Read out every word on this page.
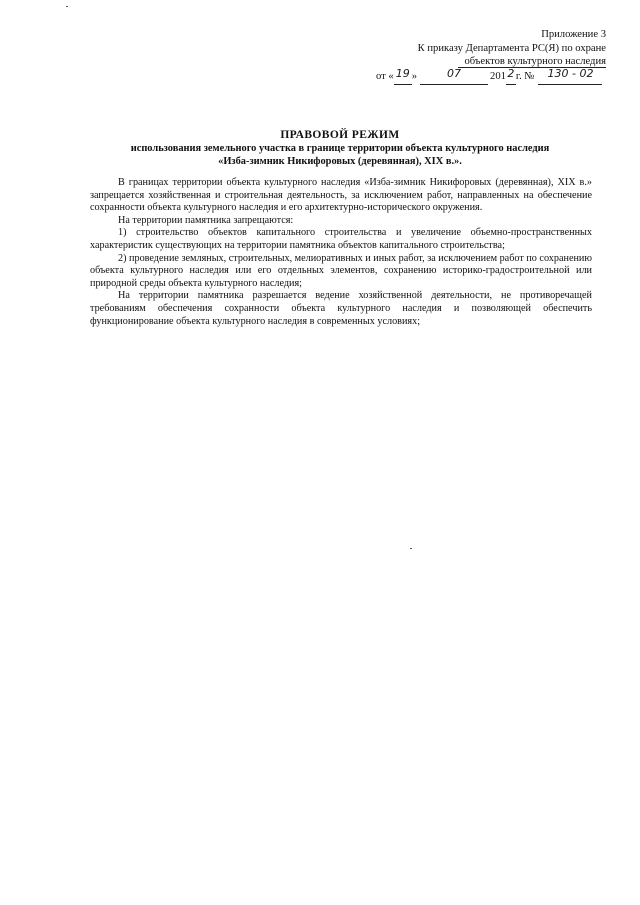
Приложение 3
К приказу Департамента РС(Я) по охране
объектов культурного наследия
от « 19 »	07	201 2 г. № 130 - 02
ПРАВОВОЙ РЕЖИМ
использования земельного участка в границе территории объекта культурного наследия
«Изба-зимник Никифоровых (деревянная), XIX в.».

В границах территории объекта культурного наследия «Изба-зимник Никифоровых (деревянная), XIX в.» запрещается хозяйственная и строительная деятельность, за исключением работ, направленных на обеспечение сохранности объекта культурного наследия и его архитектурно-исторического окружения.

На территории памятника запрещаются:

1) строительство объектов капитального строительства и увеличение объемно-пространственных характеристик существующих на территории памятника объектов капитального строительства;

2) проведение земляных, строительных, мелиоративных и иных работ, за исключением работ по сохранению объекта культурного наследия или его отдельных элементов, сохранению историко-градостроительной или природной среды объекта культурного наследия;

На территории памятника разрешается ведение хозяйственной деятельности, не противоречащей требованиям обеспечения сохранности объекта культурного наследия и позволяющей обеспечить функционирование объекта культурного наследия в современных условиях;
